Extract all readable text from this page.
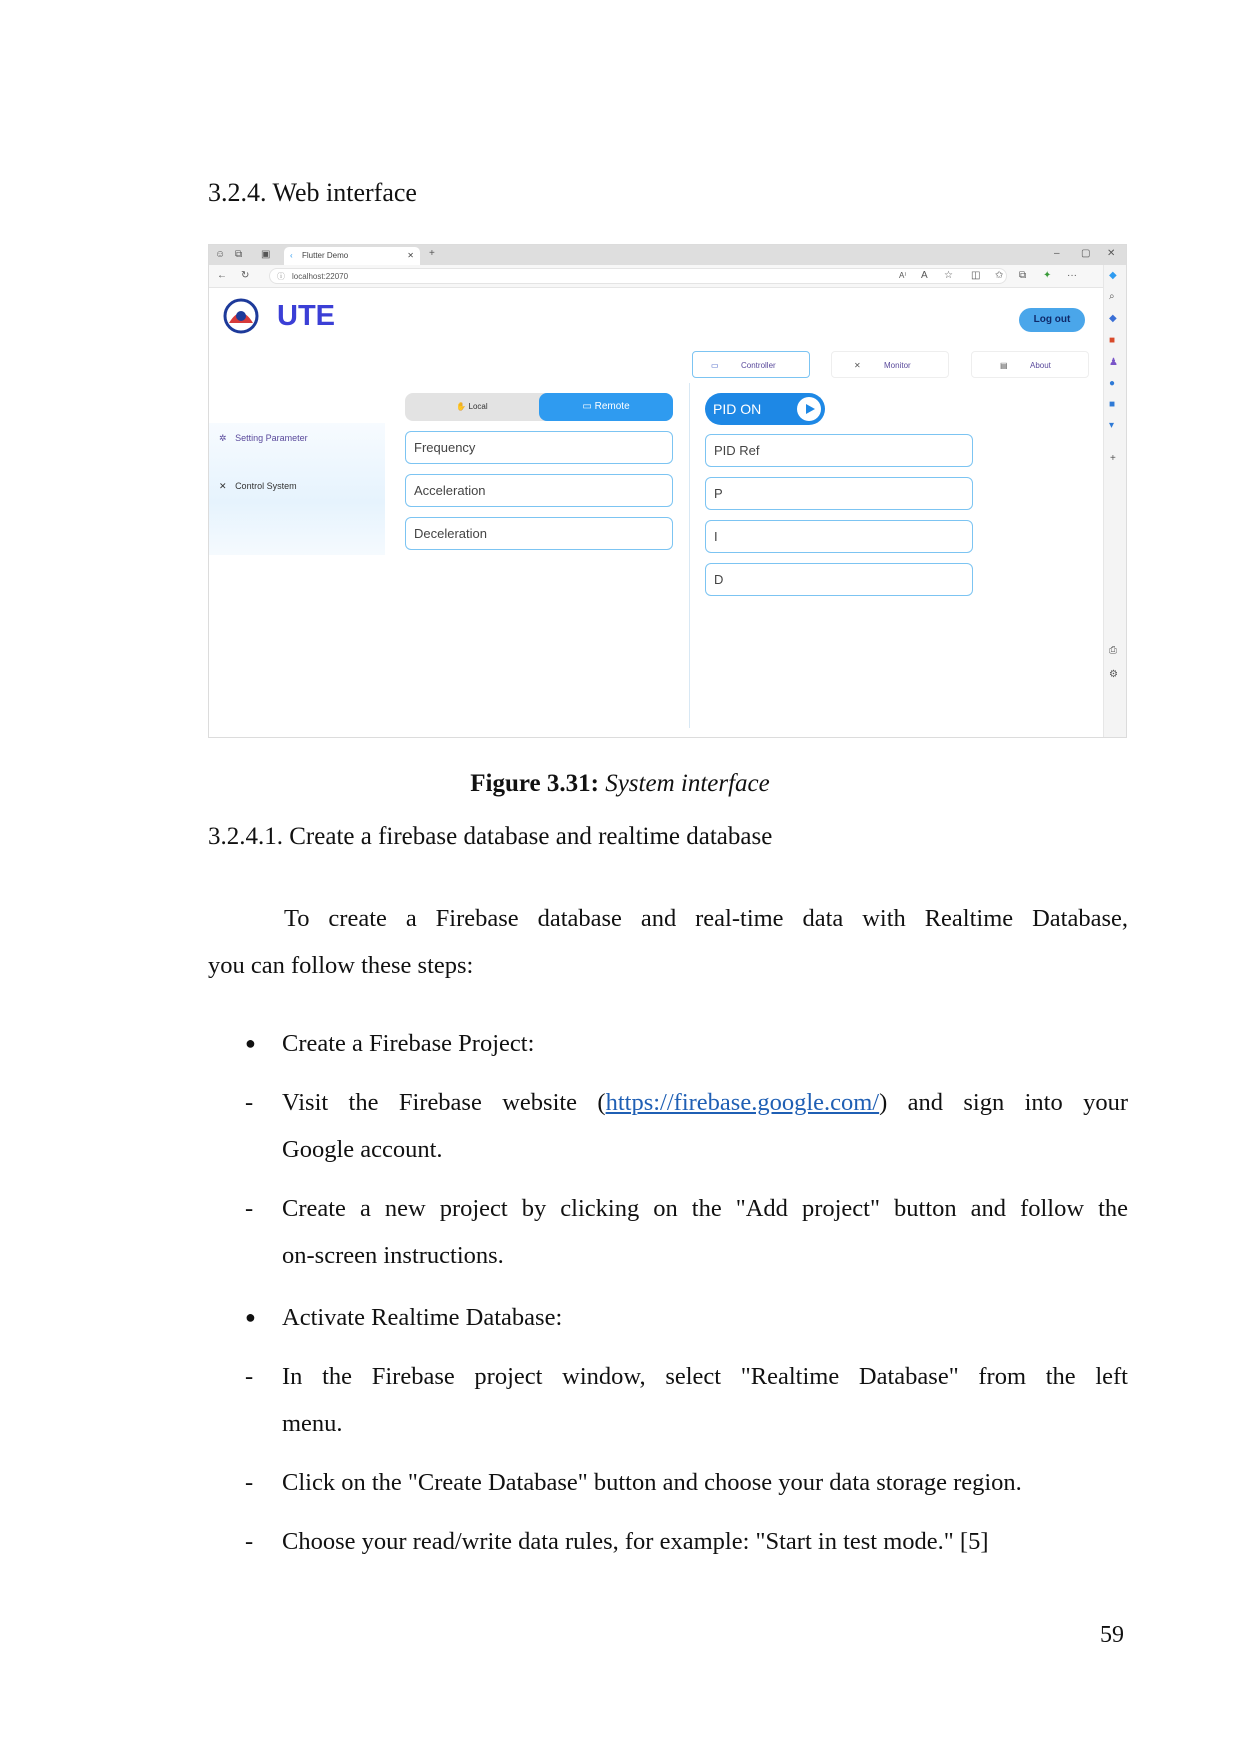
3.2.4. Web interface
☺ ⧉ ▣ ‹ Flutter Demo	✕ +	– ▢ ✕
← ↻	ⓘ localhost:22070	A⁾ A ☆ ◫ ✩ ⧉ ✦ ···	◆
⌕
◆
■
♟
●
■
▾
+
⎙
⚙
UTE	Log out
▭	Controller	✕	Monitor	▤	About
✲ Setting Parameter
✕ Control System
✋ Local	▭ Remote
Frequency
Acceleration
Deceleration
PID ON
PID Ref
P
I
D
Figure 3.31: System interface
3.2.4.1. Create a firebase database and realtime database
To create a Firebase database and real-time data with Realtime Database,
you can follow these steps:
● Create a Firebase Project:
- Visit the Firebase website (https://firebase.google.com/) and sign into your
Google account.
- Create a new project by clicking on the "Add project" button and follow the
on-screen instructions.
● Activate Realtime Database:
- In the Firebase project window, select "Realtime Database" from the left
menu.
- Click on the "Create Database" button and choose your data storage region.
- Choose your read/write data rules, for example: "Start in test mode." [5]
59
